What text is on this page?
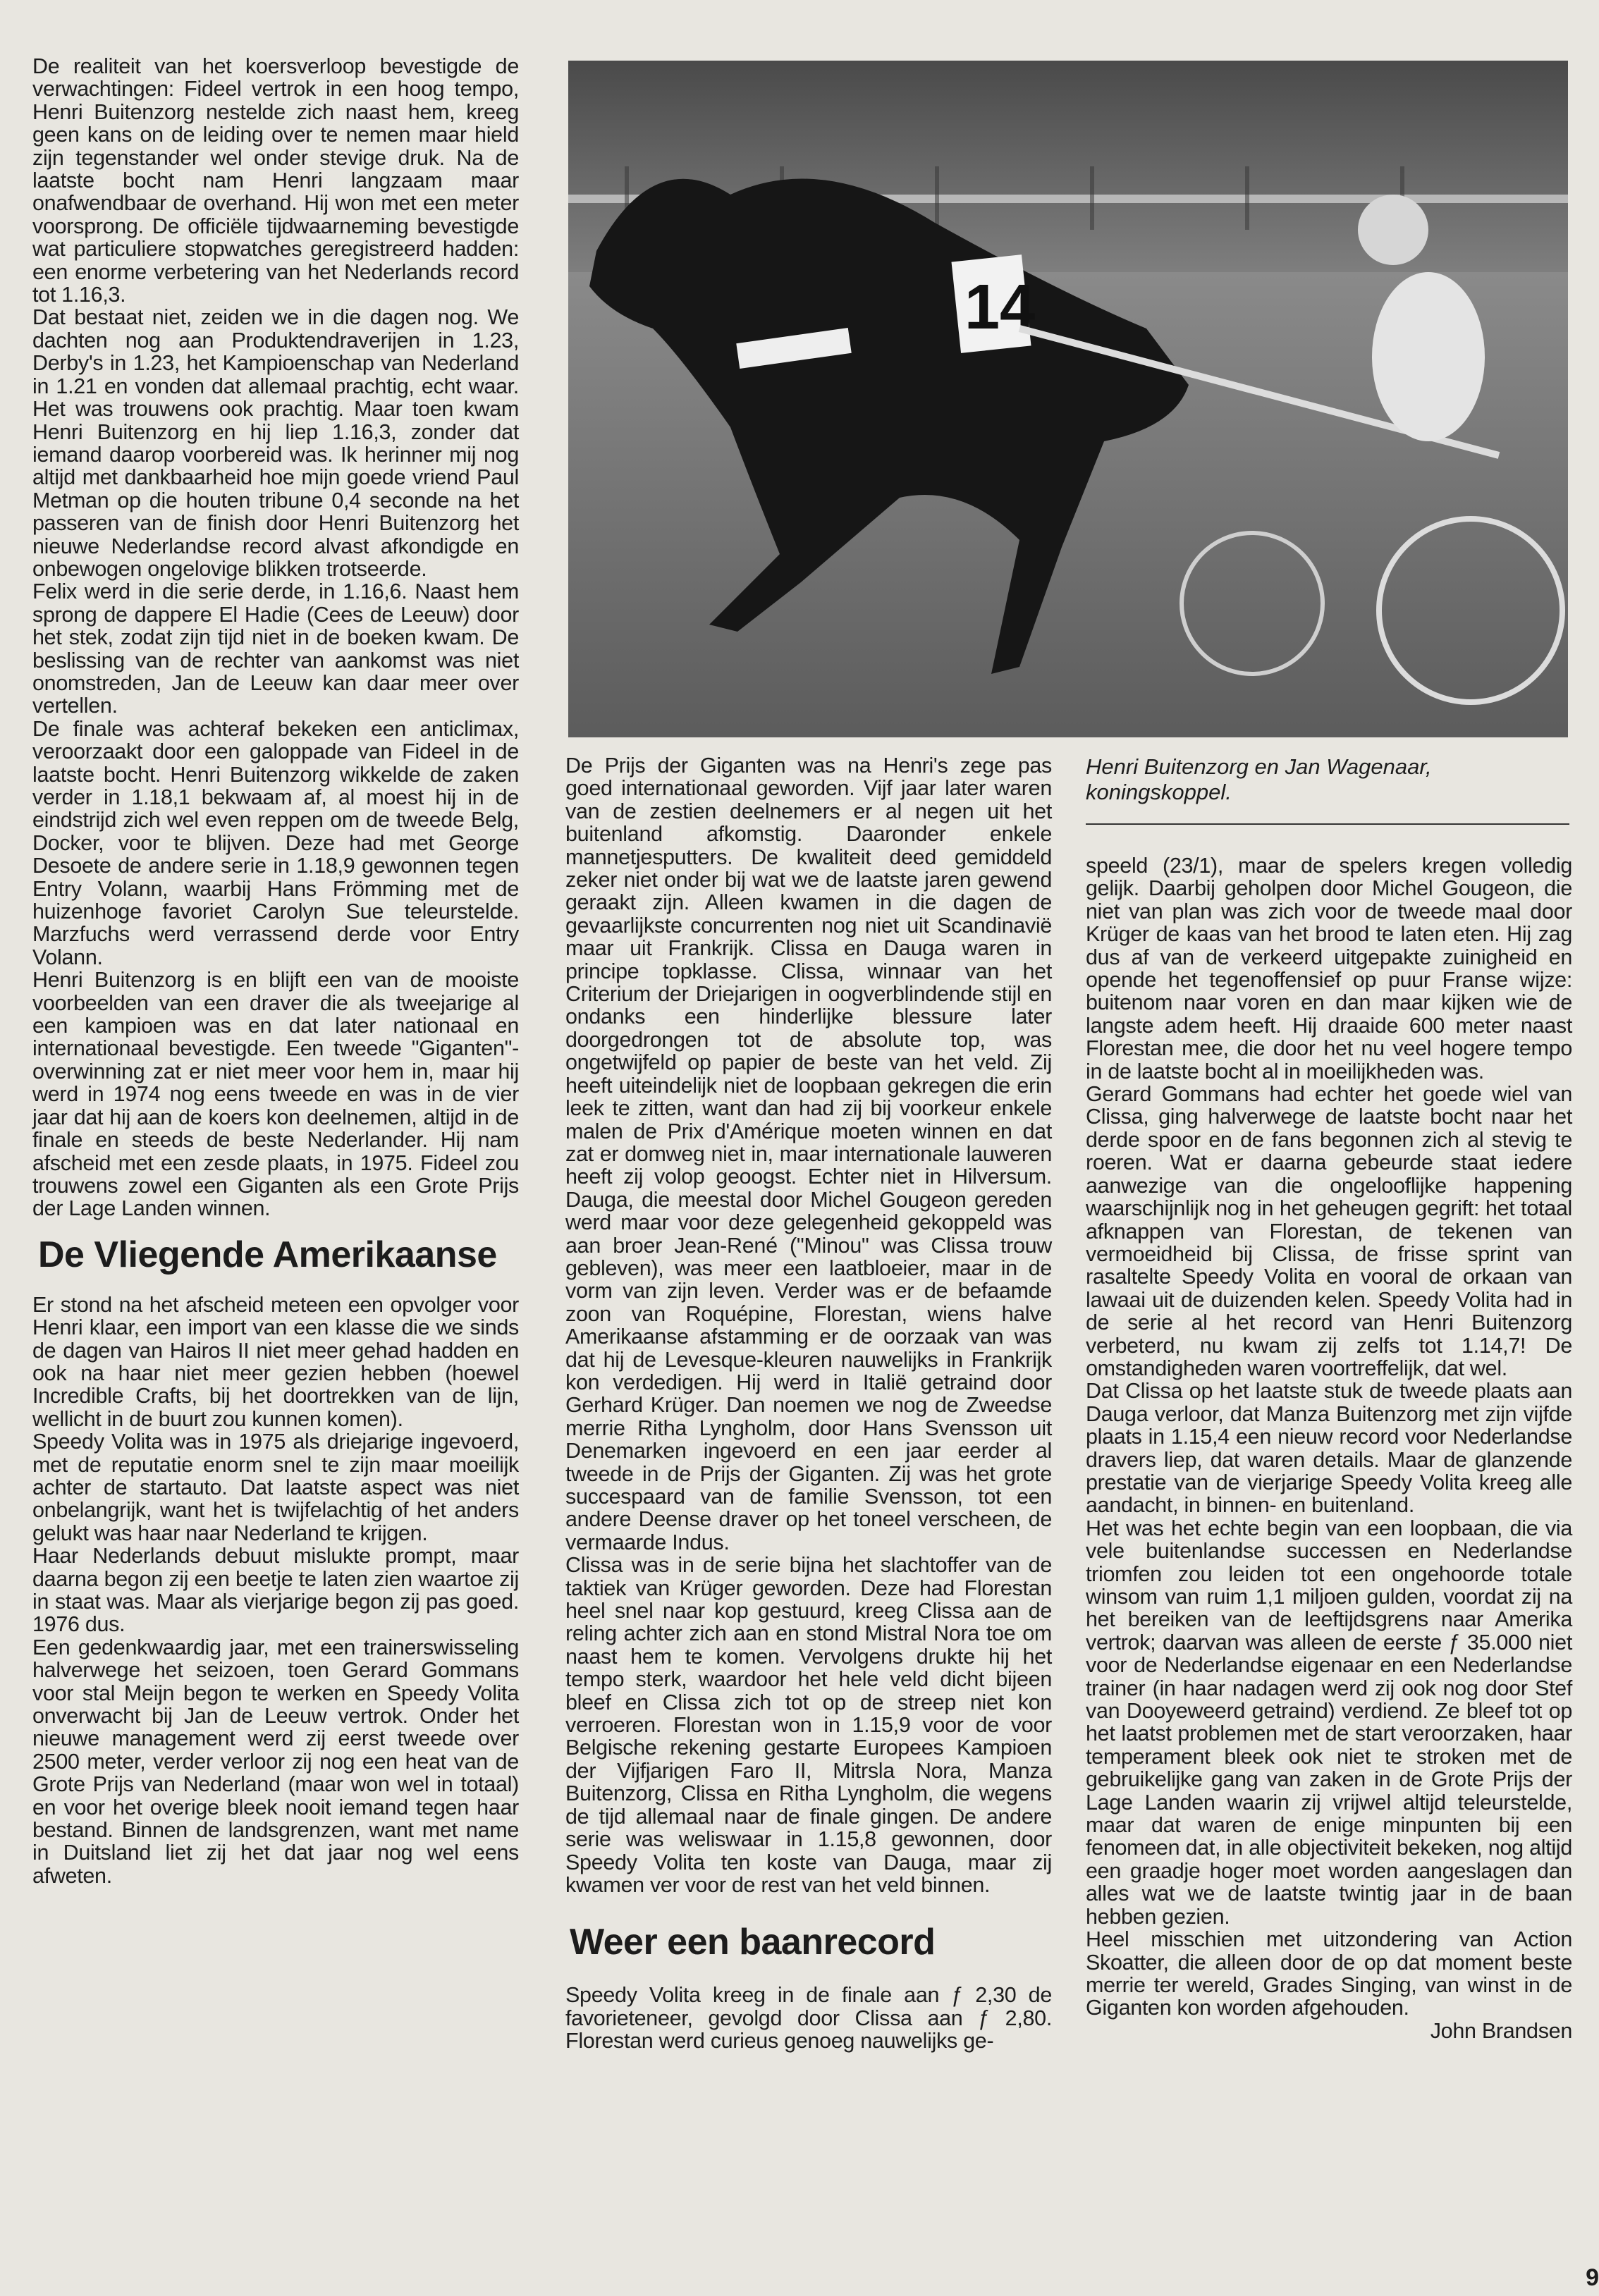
De realiteit van het koersverloop bevestigde de verwachtingen: Fideel vertrok in een hoog tempo, Henri Buitenzorg nestelde zich naast hem, kreeg geen kans on de leiding over te nemen maar hield zijn tegenstander wel onder stevige druk. Na de laatste bocht nam Henri langzaam maar onafwendbaar de overhand. Hij won met een meter voorsprong. De officiële tijdwaarneming bevestigde wat particuliere stopwatches geregistreerd hadden: een enorme verbetering van het Nederlands record tot 1.16,3.

Dat bestaat niet, zeiden we in die dagen nog. We dachten nog aan Produktendraverijen in 1.23, Derby's in 1.23, het Kampioenschap van Nederland in 1.21 en vonden dat allemaal prachtig, echt waar. Het was trouwens ook prachtig. Maar toen kwam Henri Buitenzorg en hij liep 1.16,3, zonder dat iemand daarop voorbereid was. Ik herinner mij nog altijd met dankbaarheid hoe mijn goede vriend Paul Metman op die houten tribune 0,4 seconde na het passeren van de finish door Henri Buitenzorg het nieuwe Nederlandse record alvast afkondigde en onbewogen ongelovige blikken trotseerde.

Felix werd in die serie derde, in 1.16,6. Naast hem sprong de dappere El Hadie (Cees de Leeuw) door het stek, zodat zijn tijd niet in de boeken kwam. De beslissing van de rechter van aankomst was niet onomstreden, Jan de Leeuw kan daar meer over vertellen.

De finale was achteraf bekeken een anticlimax, veroorzaakt door een galoppade van Fideel in de laatste bocht. Henri Buitenzorg wikkelde de zaken verder in 1.18,1 bekwaam af, al moest hij in de eindstrijd zich wel even reppen om de tweede Belg, Docker, voor te blijven. Deze had met George Desoete de andere serie in 1.18,9 gewonnen tegen Entry Volann, waarbij Hans Frömming met de huizenhoge favoriet Carolyn Sue teleurstelde. Marzfuchs werd verrassend derde voor Entry Volann.

Henri Buitenzorg is en blijft een van de mooiste voorbeelden van een draver die als tweejarige al een kampioen was en dat later nationaal en internationaal bevestigde. Een tweede "Giganten"-overwinning zat er niet meer voor hem in, maar hij werd in 1974 nog eens tweede en was in de vier jaar dat hij aan de koers kon deelnemen, altijd in de finale en steeds de beste Nederlander. Hij nam afscheid met een zesde plaats, in 1975. Fideel zou trouwens zowel een Giganten als een Grote Prijs der Lage Landen winnen.

De Vliegende Amerikaanse

Er stond na het afscheid meteen een opvolger voor Henri klaar, een import van een klasse die we sinds de dagen van Hairos II niet meer gehad hadden en ook na haar niet meer gezien hebben (hoewel Incredible Crafts, bij het doortrekken van de lijn, wellicht in de buurt zou kunnen komen).

Speedy Volita was in 1975 als driejarige ingevoerd, met de reputatie enorm snel te zijn maar moeilijk achter de startauto. Dat laatste aspect was niet onbelangrijk, want het is twijfelachtig of het anders gelukt was haar naar Nederland te krijgen.

Haar Nederlands debuut mislukte prompt, maar daarna begon zij een beetje te laten zien waartoe zij in staat was. Maar als vierjarige begon zij pas goed. 1976 dus.

Een gedenkwaardig jaar, met een trainerswisseling halverwege het seizoen, toen Gerard Gommans voor stal Meijn begon te werken en Speedy Volita onverwacht bij Jan de Leeuw vertrok. Onder het nieuwe management werd zij eerst tweede over 2500 meter, verder verloor zij nog een heat van de Grote Prijs van Nederland (maar won wel in totaal) en voor het overige bleek nooit iemand tegen haar bestand. Binnen de landsgrenzen, want met name in Duitsland liet zij het dat jaar nog wel eens afweten.

14
Henri Buitenzorg en Jan Wagenaar, koningskoppel.

De Prijs der Giganten was na Henri's zege pas goed internationaal geworden. Vijf jaar later waren van de zestien deelnemers er al negen uit het buitenland afkomstig. Daaronder enkele mannetjesputters. De kwaliteit deed gemiddeld zeker niet onder bij wat we de laatste jaren gewend geraakt zijn. Alleen kwamen in die dagen de gevaarlijkste concurrenten nog niet uit Scandinavië maar uit Frankrijk. Clissa en Dauga waren in principe topklasse. Clissa, winnaar van het Criterium der Driejarigen in oogverblindende stijl en ondanks een hinderlijke blessure later doorgedrongen tot de absolute top, was ongetwijfeld op papier de beste van het veld. Zij heeft uiteindelijk niet de loopbaan gekregen die erin leek te zitten, want dan had zij bij voorkeur enkele malen de Prix d'Amérique moeten winnen en dat zat er domweg niet in, maar internationale lauweren heeft zij volop geoogst. Echter niet in Hilversum. Dauga, die meestal door Michel Gougeon gereden werd maar voor deze gelegenheid gekoppeld was aan broer Jean-René ("Minou" was Clissa trouw gebleven), was meer een laatbloeier, maar in de vorm van zijn leven. Verder was er de befaamde zoon van Roquépine, Florestan, wiens halve Amerikaanse afstamming er de oorzaak van was dat hij de Levesque-kleuren nauwelijks in Frankrijk kon verdedigen. Hij werd in Italië getraind door Gerhard Krüger. Dan noemen we nog de Zweedse merrie Ritha Lyngholm, door Hans Svensson uit Denemarken ingevoerd en een jaar eerder al tweede in de Prijs der Giganten. Zij was het grote succespaard van de familie Svensson, tot een andere Deense draver op het toneel verscheen, de vermaarde Indus.

Clissa was in de serie bijna het slachtoffer van de taktiek van Krüger geworden. Deze had Florestan heel snel naar kop gestuurd, kreeg Clissa aan de reling achter zich aan en stond Mistral Nora toe om naast hem te komen. Vervolgens drukte hij het tempo sterk, waardoor het hele veld dicht bijeen bleef en Clissa zich tot op de streep niet kon verroeren. Florestan won in 1.15,9 voor de voor Belgische rekening gestarte Europees Kampioen der Vijfjarigen Faro II, Mitrsla Nora, Manza Buitenzorg, Clissa en Ritha Lyngholm, die wegens de tijd allemaal naar de finale gingen. De andere serie was weliswaar in 1.15,8 gewonnen, door Speedy Volita ten koste van Dauga, maar zij kwamen ver voor de rest van het veld binnen.

Weer een baanrecord

Speedy Volita kreeg in de finale aan ƒ 2,30 de favorieteneer, gevolgd door Clissa aan ƒ 2,80. Florestan werd curieus genoeg nauwelijks ge-

speeld (23/1), maar de spelers kregen volledig gelijk. Daarbij geholpen door Michel Gougeon, die niet van plan was zich voor de tweede maal door Krüger de kaas van het brood te laten eten. Hij zag dus af van de verkeerd uitgepakte zuinigheid en opende het tegenoffensief op puur Franse wijze: buitenom naar voren en dan maar kijken wie de langste adem heeft. Hij draaide 600 meter naast Florestan mee, die door het nu veel hogere tempo in de laatste bocht al in moeilijkheden was.

Gerard Gommans had echter het goede wiel van Clissa, ging halverwege de laatste bocht naar het derde spoor en de fans begonnen zich al stevig te roeren. Wat er daarna gebeurde staat iedere aanwezige van die ongelooflijke happening waarschijnlijk nog in het geheugen gegrift: het totaal afknappen van Florestan, de tekenen van vermoeidheid bij Clissa, de frisse sprint van rasaltelte Speedy Volita en vooral de orkaan van lawaai uit de duizenden kelen. Speedy Volita had in de serie al het record van Henri Buitenzorg verbeterd, nu kwam zij zelfs tot 1.14,7! De omstandigheden waren voortreffelijk, dat wel.

Dat Clissa op het laatste stuk de tweede plaats aan Dauga verloor, dat Manza Buitenzorg met zijn vijfde plaats in 1.15,4 een nieuw record voor Nederlandse dravers liep, dat waren details. Maar de glanzende prestatie van de vierjarige Speedy Volita kreeg alle aandacht, in binnen- en buitenland.

Het was het echte begin van een loopbaan, die via vele buitenlandse successen en Nederlandse triomfen zou leiden tot een ongehoorde totale winsom van ruim 1,1 miljoen gulden, voordat zij na het bereiken van de leeftijdsgrens naar Amerika vertrok; daarvan was alleen de eerste ƒ 35.000 niet voor de Nederlandse eigenaar en een Nederlandse trainer (in haar nadagen werd zij ook nog door Stef van Dooyeweerd getraind) verdiend. Ze bleef tot op het laatst problemen met de start veroorzaken, haar temperament bleek ook niet te stroken met de gebruikelijke gang van zaken in de Grote Prijs der Lage Landen waarin zij vrijwel altijd teleurstelde, maar dat waren de enige minpunten bij een fenomeen dat, in alle objectiviteit bekeken, nog altijd een graadje hoger moet worden aangeslagen dan alles wat we de laatste twintig jaar in de baan hebben gezien.

Heel misschien met uitzondering van Action Skoatter, die alleen door de op dat moment beste merrie ter wereld, Grades Singing, van winst in de Giganten kon worden afgehouden.

John Brandsen

9
